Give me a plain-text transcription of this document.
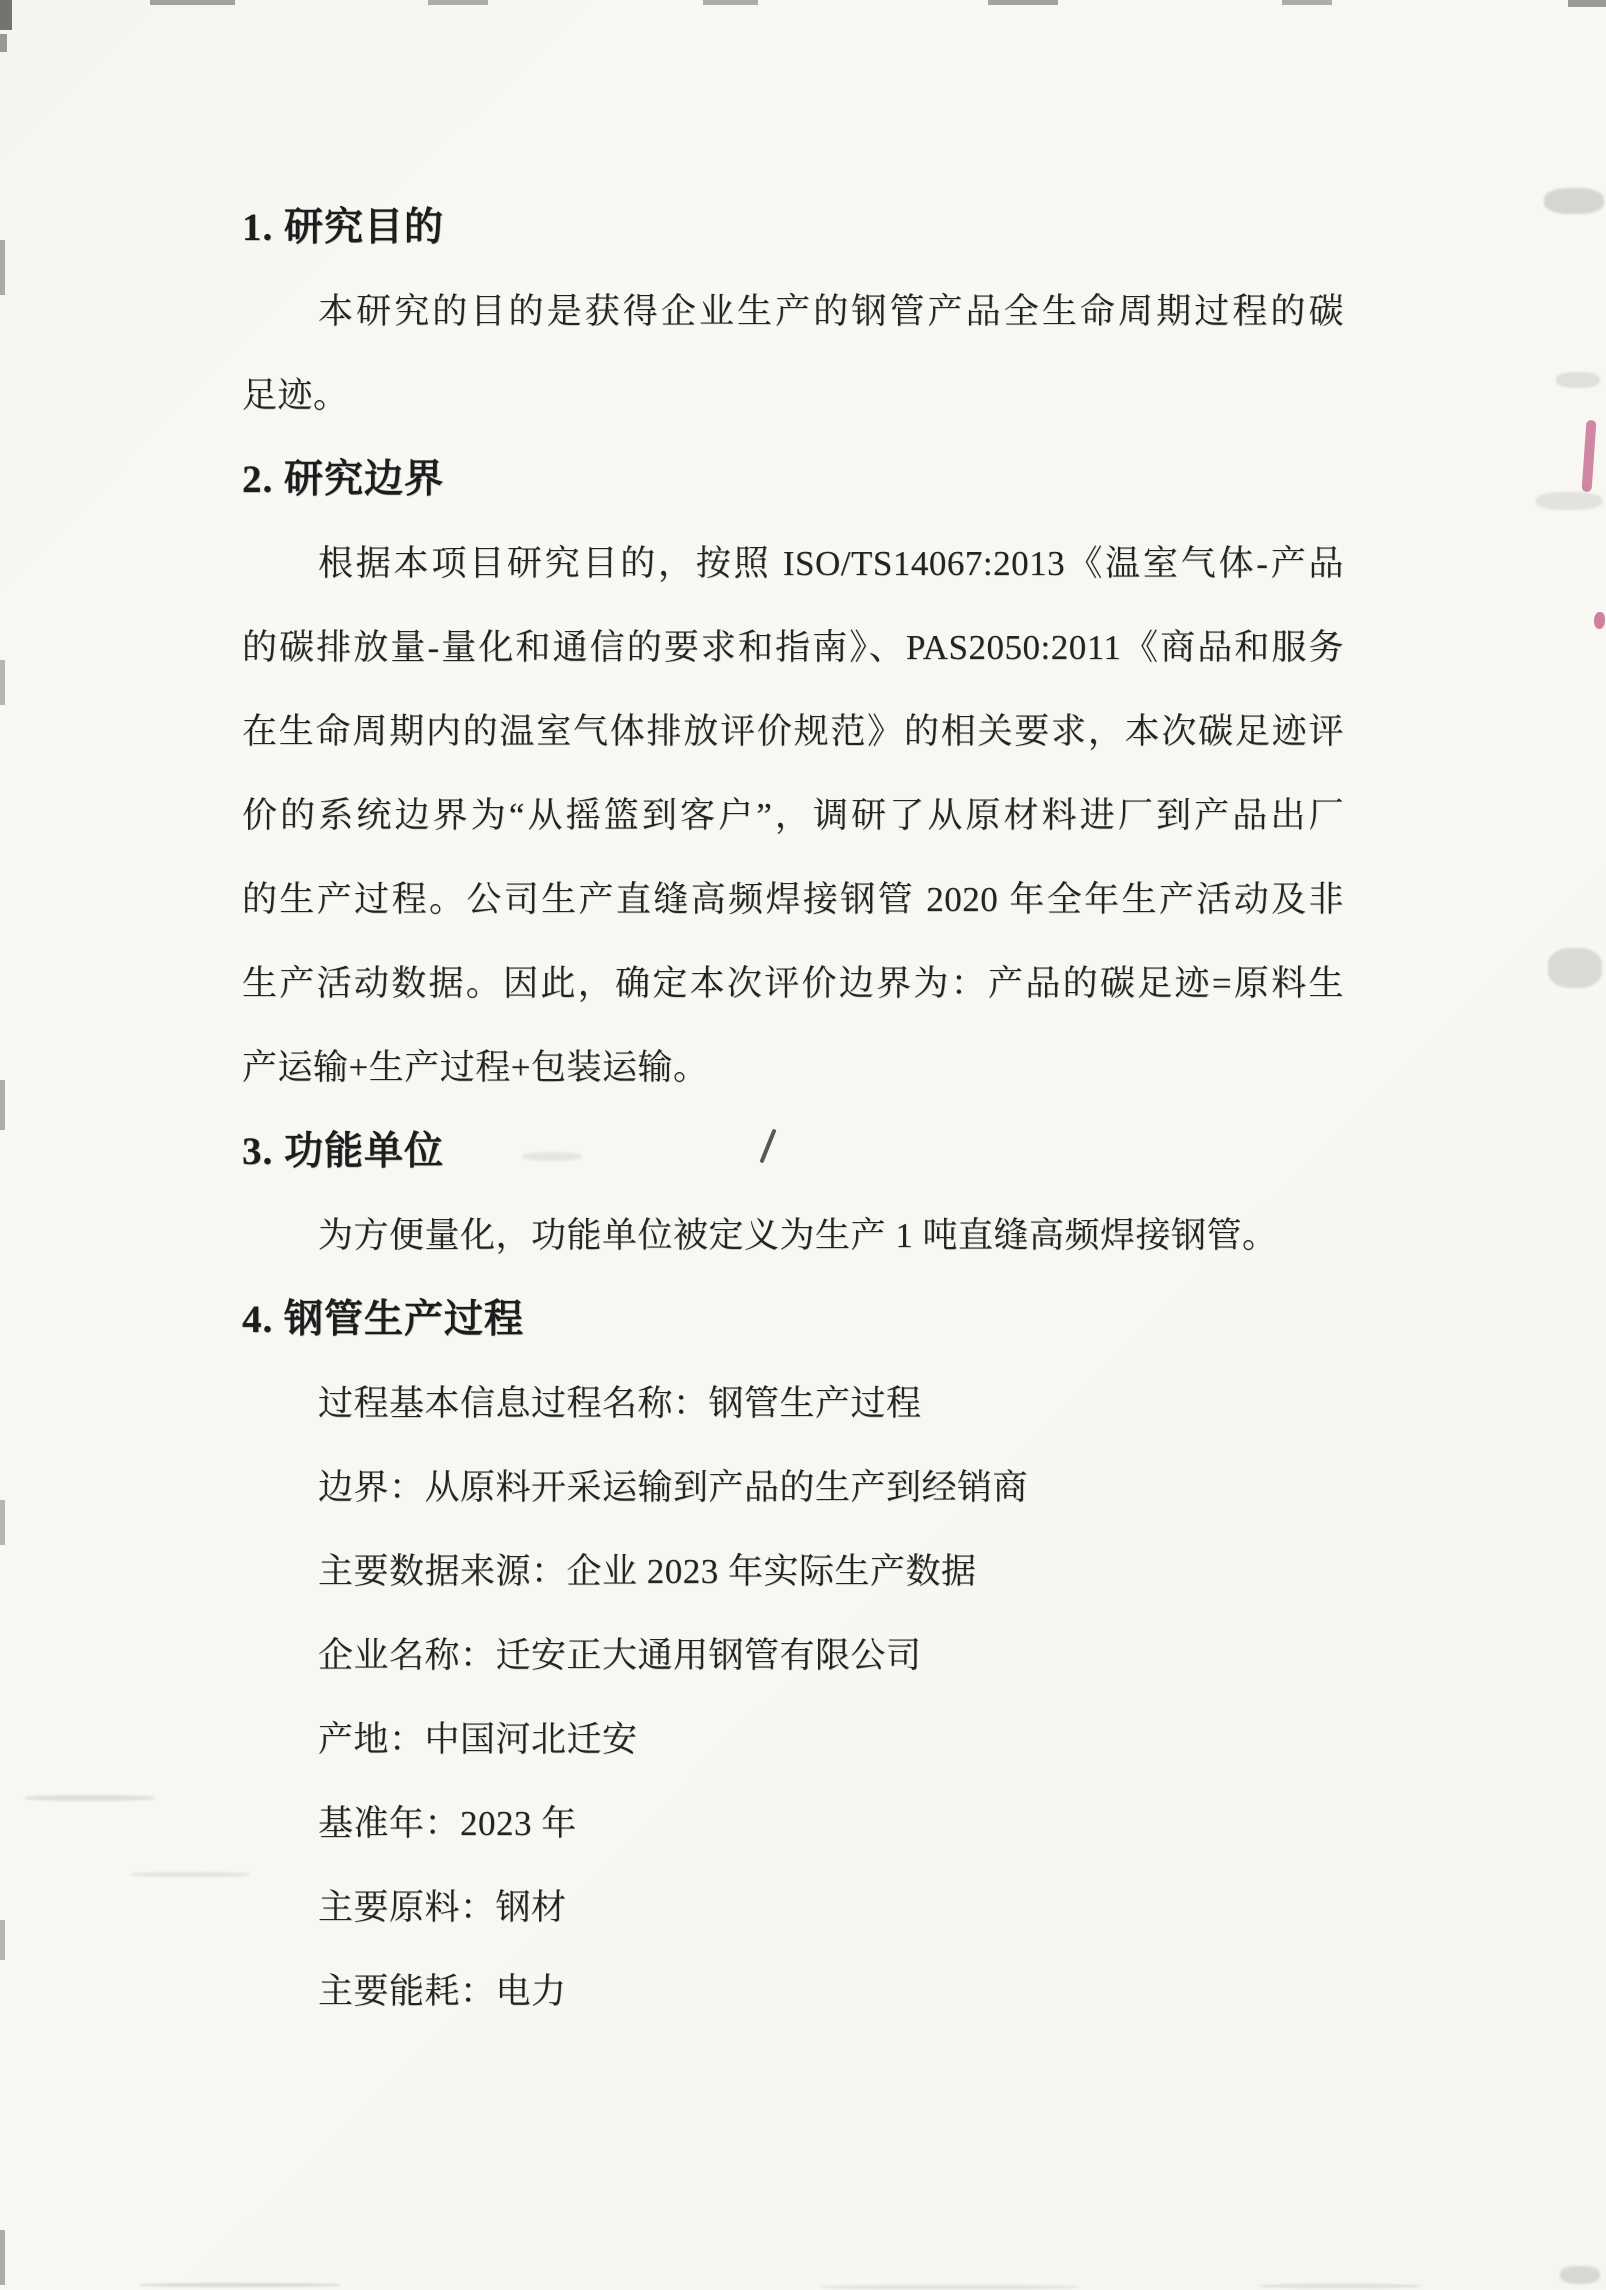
1. 研究目的
本研究的目的是获得企业生产的钢管产品全生命周期过程的碳
足迹。
2. 研究边界
根据本项目研究目的，按照 ISO/TS14067:2013《温室气体-产品
的碳排放量-量化和通信的要求和指南》、PAS2050:2011《商品和服务
在生命周期内的温室气体排放评价规范》的相关要求，本次碳足迹评
价的系统边界为“从摇篮到客户”，调研了从原材料进厂到产品出厂
的生产过程。公司生产直缝高频焊接钢管 2020 年全年生产活动及非
生产活动数据。因此，确定本次评价边界为：产品的碳足迹=原料生
产运输+生产过程+包装运输。
3. 功能单位
为方便量化，功能单位被定义为生产 1 吨直缝高频焊接钢管。
4. 钢管生产过程
过程基本信息过程名称：钢管生产过程
边界：从原料开采运输到产品的生产到经销商
主要数据来源：企业 2023 年实际生产数据
企业名称：迁安正大通用钢管有限公司
产地：中国河北迁安
基准年：2023 年
主要原料：钢材
主要能耗：电力
